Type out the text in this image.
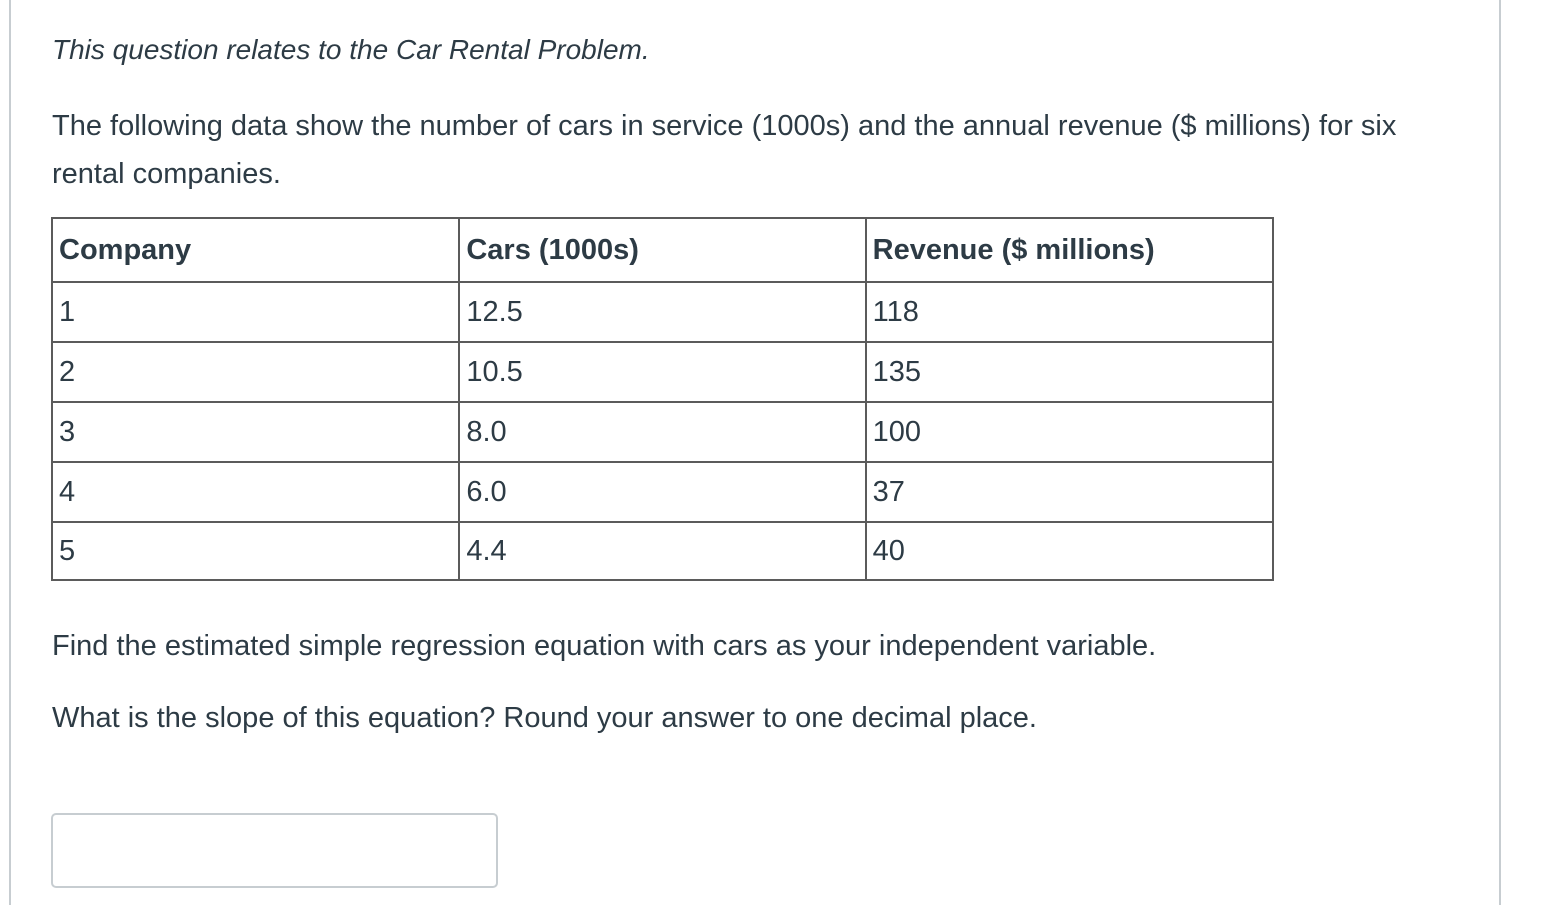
This question relates to the Car Rental Problem.

The following data show the number of cars in service (1000s) and the annual revenue ($ millions) for six rental companies.

Company	Cars (1000s)	Revenue ($ millions)
1	12.5	118
2	10.5	135
3	8.0	100
4	6.0	37
5	4.4	40

Find the estimated simple regression equation with cars as your independent variable.

What is the slope of this equation? Round your answer to one decimal place.
